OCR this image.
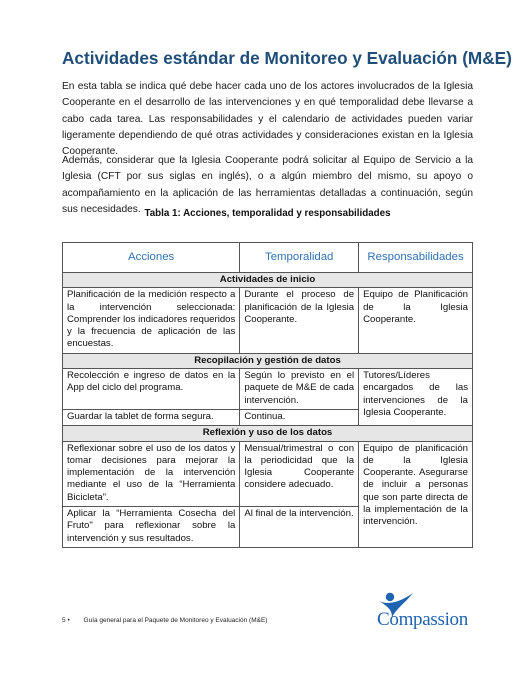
Actividades estándar de Monitoreo y Evaluación (M&E)

En esta tabla se indica qué debe hacer cada uno de los actores involucrados de la Iglesia Cooperante en el desarrollo de las intervenciones y en qué temporalidad debe llevarse a cabo cada tarea. Las responsabilidades y el calendario de actividades pueden variar ligeramente dependiendo de qué otras actividades y consideraciones existan en la Iglesia Cooperante.

Además, considerar que la Iglesia Cooperante podrá solicitar al Equipo de Servicio a la Iglesia (CFT por sus siglas en inglés), o a algún miembro del mismo, su apoyo o acompañamiento en la aplicación de las herramientas detalladas a continuación, según sus necesidades. Tabla 1: Acciones, temporalidad y responsabilidades
Acciones	Temporalidad	Responsabilidades
Actividades de inicio		
Planificación de la medición respecto a la intervención seleccionada: Comprender los indicadores requeridos y la frecuencia de aplicación de las encuestas.	Durante el proceso de planificación de la Iglesia Cooperante.	Equipo de Planificación de la Iglesia Cooperante.
Recopilación y gestión de datos		
Recolección e ingreso de datos en la App del ciclo del programa.	Según lo previsto en el paquete de M&E de cada intervención.	Tutores/Líderes encargados de las intervenciones de la Iglesia Cooperante.
Guardar la tablet de forma segura.	Continua.	
Reflexión y uso de los datos		
Reflexionar sobre el uso de los datos y tomar decisiones para mejorar la implementación de la intervención mediante el uso de la “Herramienta Bicicleta”.	Mensual/trimestral o con la periodicidad que la Iglesia Cooperante considere adecuado.	Equipo de planificación de la Iglesia Cooperante. Asegurarse de incluir a personas que son parte directa de la implementación de la intervención.
Aplicar la “Herramienta Cosecha del Fruto" para reflexionar sobre la intervención y sus resultados.	Al final de la intervención.	
5 • Guía general para el Paquete de Monitoreo y Evaluación (M&E)	Compassion
